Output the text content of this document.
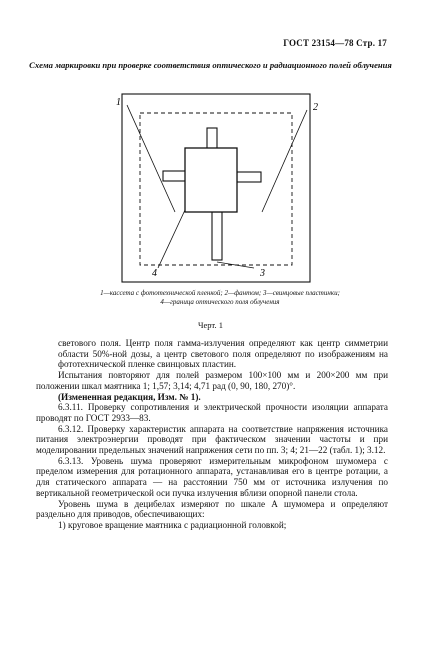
ГОСТ 23154—78 Стр. 17
Схема маркировки при проверке соответствия оптического и радиационного полей облучения
1	2
3
4
1—кассета с фототехнической пленкой; 2—фантом; 3—свинцовые пластинки; 4—граница оптического поля облучения
Черт. 1

светового поля. Центр поля гамма-излучения определяют как центр симметрии области 50%-ной дозы, а центр светового поля определяют по изображениям на фототехнической пленке свинцовых пластин.

Испытания повторяют для полей размером 100×100 мм и 200×200 мм при положении шкал маятника 1; 1,57; 3,14; 4,71 рад (0, 90, 180, 270)°.

(Измененная редакция, Изм. № 1).

6.3.11. Проверку сопротивления и электрической прочности изоляции аппарата проводят по ГОСТ 2933—83.

6.3.12. Проверку характеристик аппарата на соответствие напряжения источника питания электроэнергии проводят при фактическом значении частоты и при моделировании предельных значений напряжения сети по пп. 3; 4; 21—22 (табл. 1); 3.12.

6.3.13. Уровень шума проверяют измерительным микрофоном шумомера с пределом измерения для ротационного аппарата, устанавливая его в центре ротации, а для статического аппарата — на расстоянии 750 мм от источника излучения по вертикальной геометрической оси пучка излучения вблизи опорной панели стола.

Уровень шума в децибелах измеряют по шкале А шумомера и определяют раздельно для приводов, обеспечивающих:

1) круговое вращение маятника с радиационной головкой;
